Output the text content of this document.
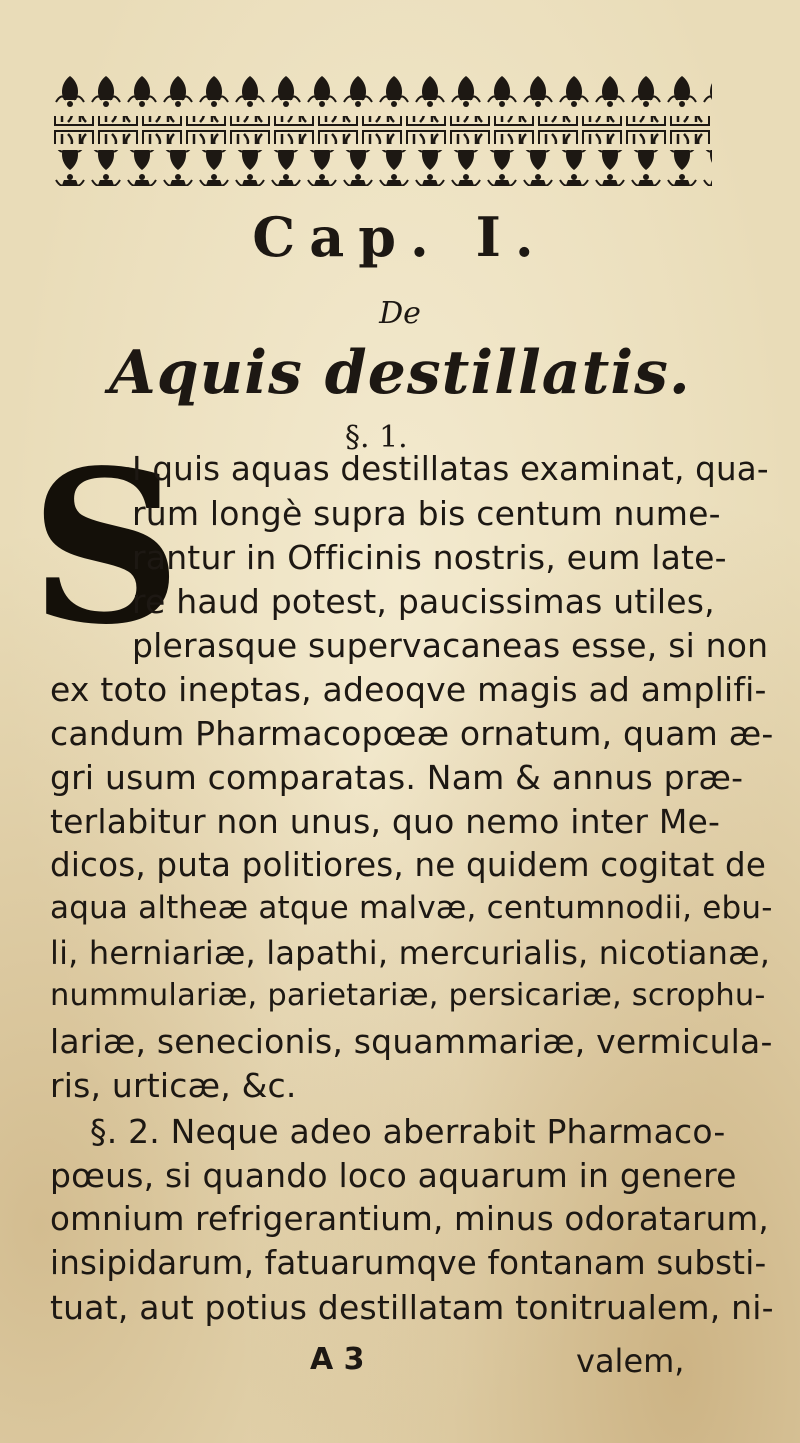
Cap. I.
De
Aquis destillatis.
§. 1.
S
I quis aquas destillatas examinat, qua-
rum longè supra bis centum nume-
rantur in Officinis nostris, eum late-
re haud potest, paucissimas utiles,
plerasque supervacaneas esse, si non
ex toto ineptas, adeoqve magis ad amplifi-
candum Pharmacopœæ ornatum, quam æ-
gri usum comparatas. Nam & annus præ-
terlabitur non unus, quo nemo inter Me-
dicos, puta politiores, ne quidem cogitat de
aqua altheæ atque malvæ, centumnodii, ebu-
li, herniariæ, lapathi, mercurialis, nicotianæ,
nummulariæ, parietariæ, persicariæ, scrophu-
lariæ, senecionis, squammariæ, vermicula-
ris, urticæ, &c.
§. 2. Neque adeo aberrabit Pharmaco-
pœus, si quando loco aquarum in genere
omnium refrigerantium, minus odoratarum,
insipidarum, fatuarumqve fontanam substi-
tuat, aut potius destillatam tonitrualem, ni-
A 3	valem,
